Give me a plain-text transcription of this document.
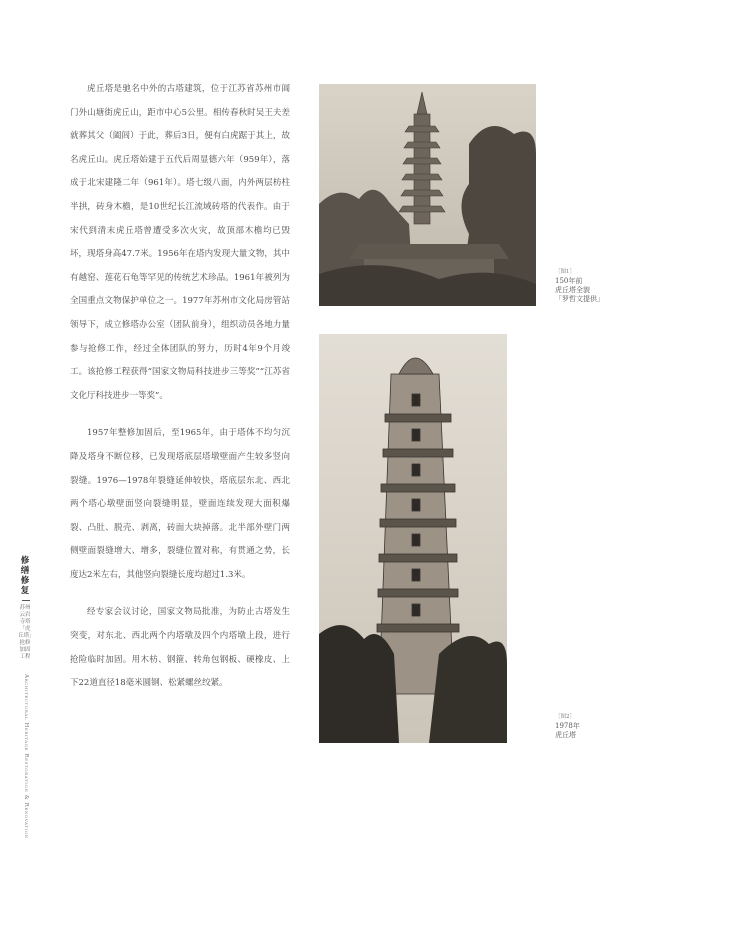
修缮修复
苏州云岩寺塔「虎丘塔」抢修加固工程
Architectural Heritage Restoration & Renovation

虎丘塔是驰名中外的古塔建筑，位于江苏省苏州市阊门外山塘街虎丘山，距市中心5公里。相传春秋时吴王夫差就葬其父（阖闾）于此，葬后3日，便有白虎踞于其上，故名虎丘山。虎丘塔始建于五代后周显德六年（959年），落成于北宋建隆二年（961年）。塔七级八面，内外两层枋柱半拱，砖身木檐，是10世纪长江流域砖塔的代表作。由于宋代到清末虎丘塔曾遭受多次火灾，故顶部木檐均已毁坏，现塔身高47.7米。1956年在塔内发现大量文物，其中有越窑、莲花石龟等罕见的传统艺术珍品。1961年被列为全国重点文物保护单位之一。1977年苏州市文化局房管站领导下，成立修塔办公室（团队前身），组织动员各地力量参与抢修工作，经过全体团队的努力，历时4年9个月竣工。该抢修工程获得“国家文物局科技进步三等奖”“江苏省文化厅科技进步一等奖”。

1957年整修加固后，至1965年，由于塔体不均匀沉降及塔身不断位移，已发现塔底层塔墩壁面产生较多竖向裂缝。1976—1978年裂缝延伸较快，塔底层东北、西北两个塔心墩壁面竖向裂缝明显，壁面连续发现大面积爆裂、凸肚、脱壳、剥离，砖面大块掉落。北半部外壁门两侧壁面裂缝增大、增多，裂缝位置对称，有贯通之势，长度达2米左右，其他竖向裂缝长度均超过1.3米。

经专家会议讨论，国家文物局批准，为防止古塔发生突变，对东北、西北两个内塔墩及四个内塔墩上段，进行抢险临时加固。用木枋、钢箍、转角包钢板、硬橡皮、上下22道直径18毫米圆钢、松紧螺丝绞紧。

［图1］
150年前
虎丘塔全貌
「罗哲文提供」
［图2］
1978年
虎丘塔
